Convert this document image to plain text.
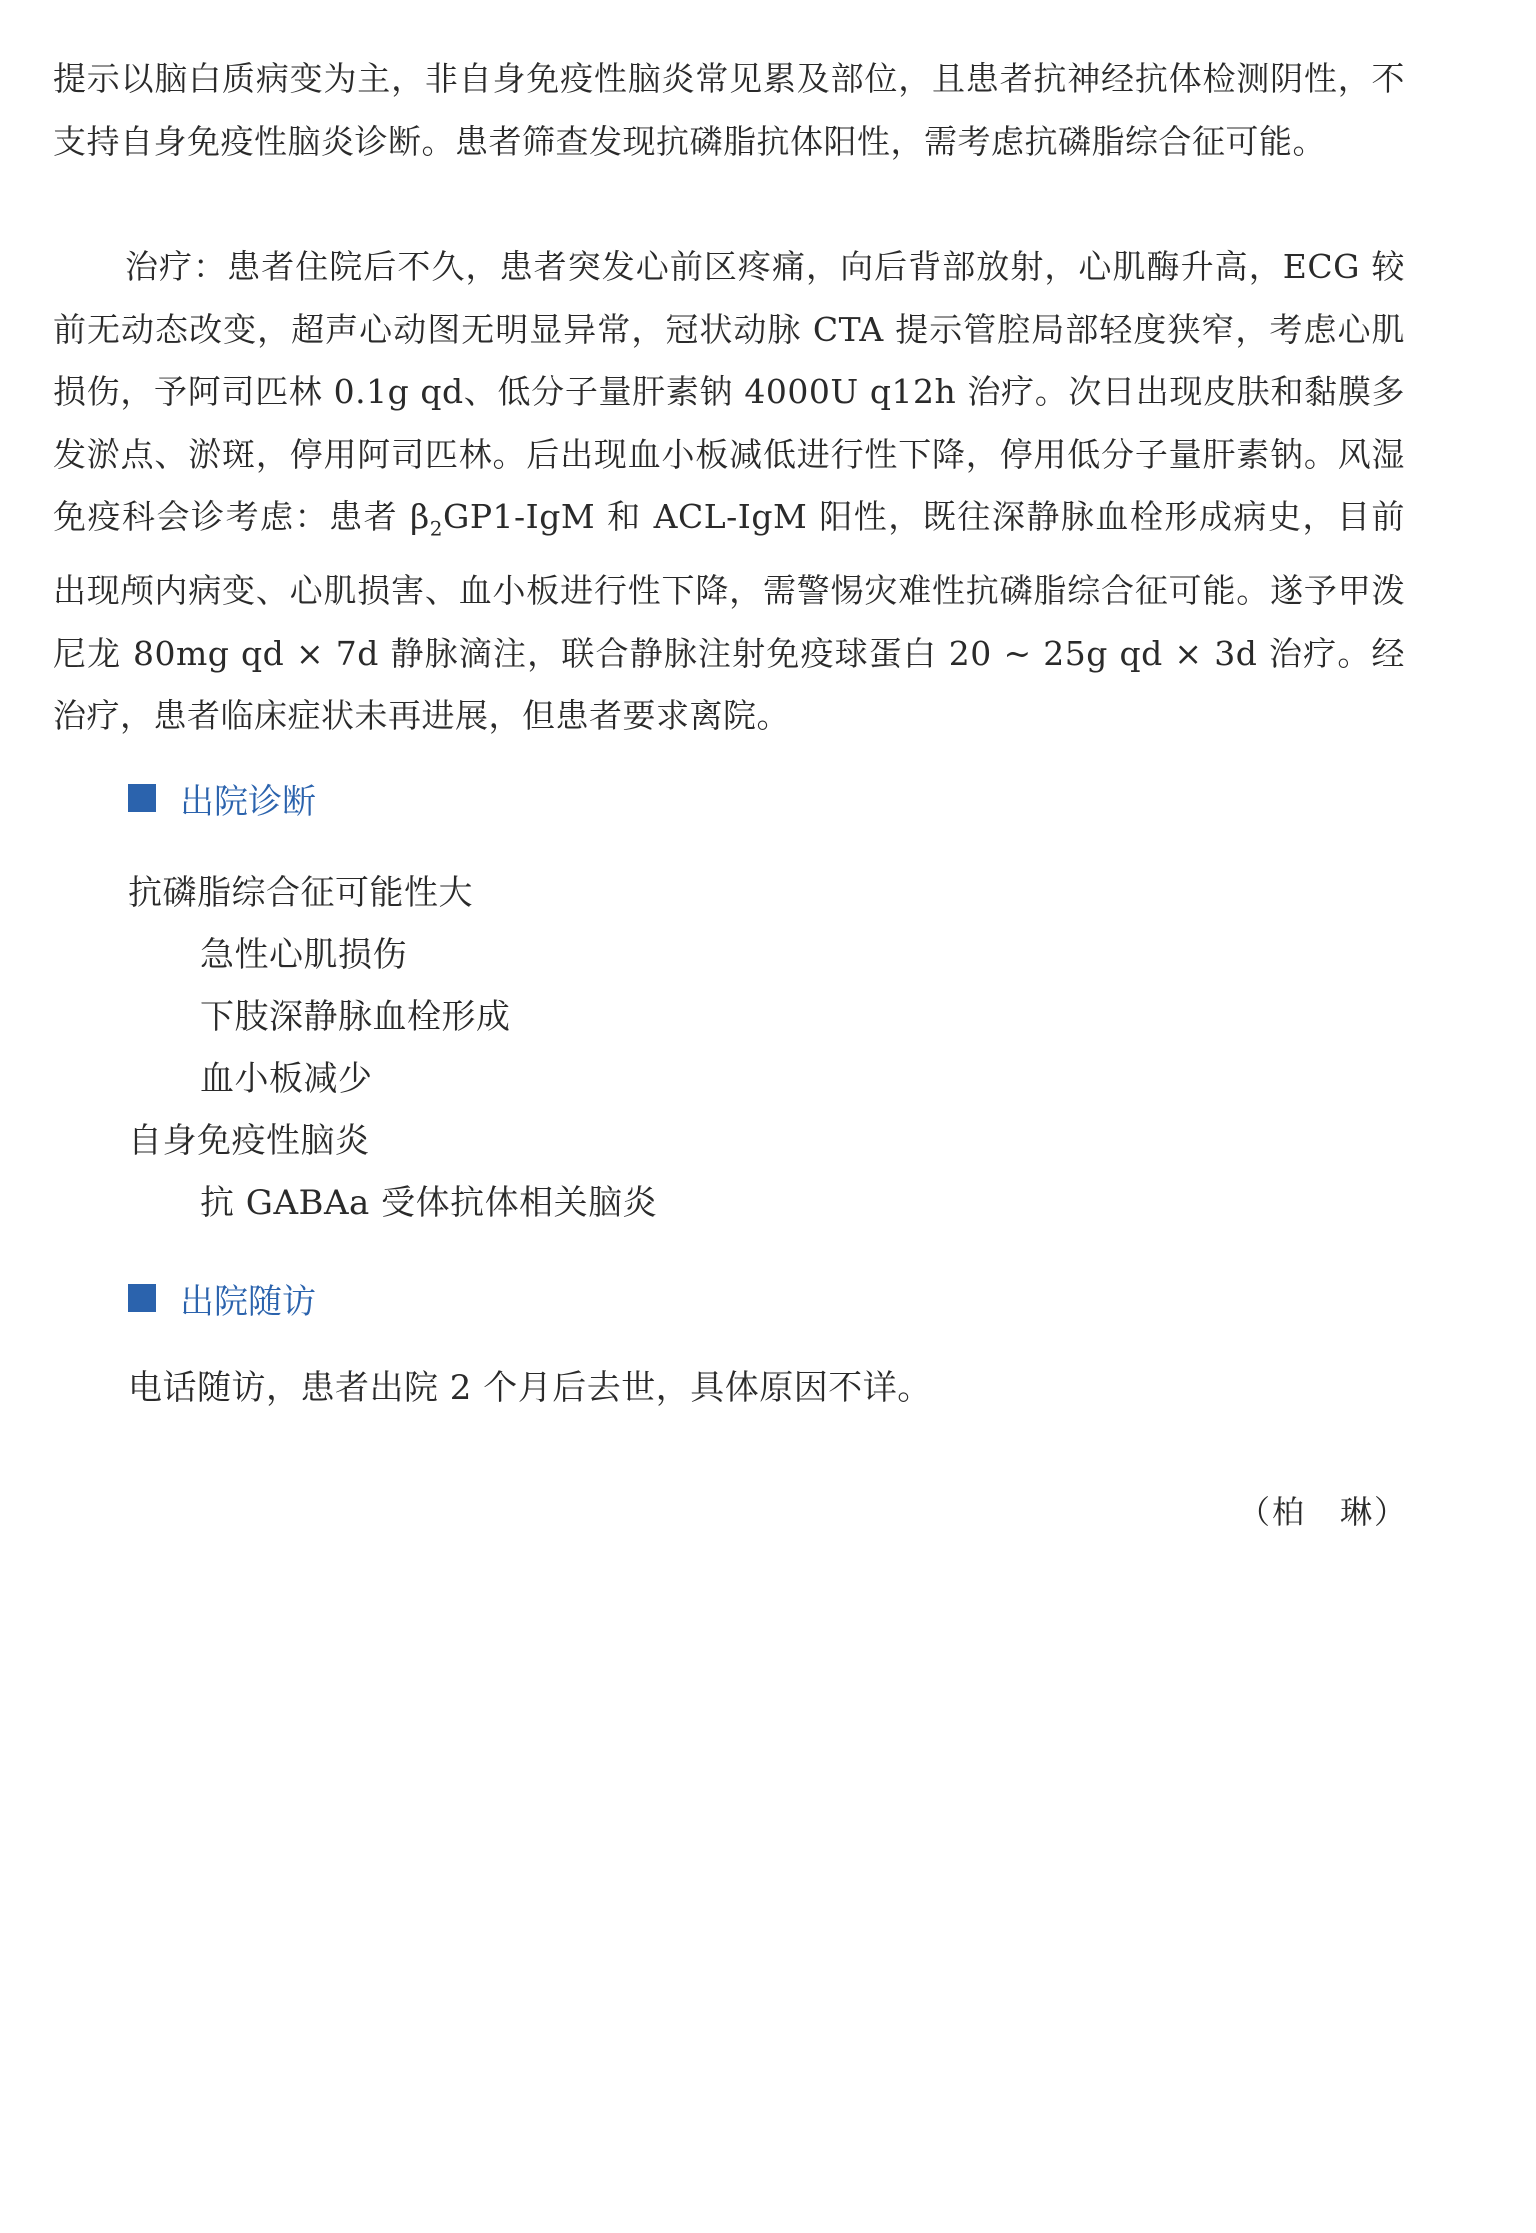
提示以脑白质病变为主，非自身免疫性脑炎常见累及部位，且患者抗神经抗体检测阴性，不支持自身免疫性脑炎诊断。患者筛查发现抗磷脂抗体阳性，需考虑抗磷脂综合征可能。

治疗：患者住院后不久，患者突发心前区疼痛，向后背部放射，心肌酶升高，ECG 较前无动态改变，超声心动图无明显异常，冠状动脉 CTA 提示管腔局部轻度狭窄，考虑心肌损伤，予阿司匹林 0.1g qd、低分子量肝素钠 4000U q12h 治疗。次日出现皮肤和黏膜多发淤点、淤斑，停用阿司匹林。后出现血小板减低进行性下降，停用低分子量肝素钠。风湿免疫科会诊考虑：患者 $\beta_2GP1$-IgM 和 ACL-IgM 阳性，既往深静脉血栓形成病史，目前出现颅内病变、心肌损害、血小板进行性下降，需警惕灾难性抗磷脂综合征可能。遂予甲泼尼龙 80mg qd × 7d 静脉滴注，联合静脉注射免疫球蛋白 20 ~ 25g qd × 3d 治疗。经治疗，患者临床症状未再进展，但患者要求离院。

出院诊断
抗磷脂综合征可能性大
急性心肌损伤
下肢深静脉血栓形成
血小板减少
自身免疫性脑炎
抗 GABAa 受体抗体相关脑炎
出院随访
电话随访，患者出院 2 个月后去世，具体原因不详。
（柏　琳）
